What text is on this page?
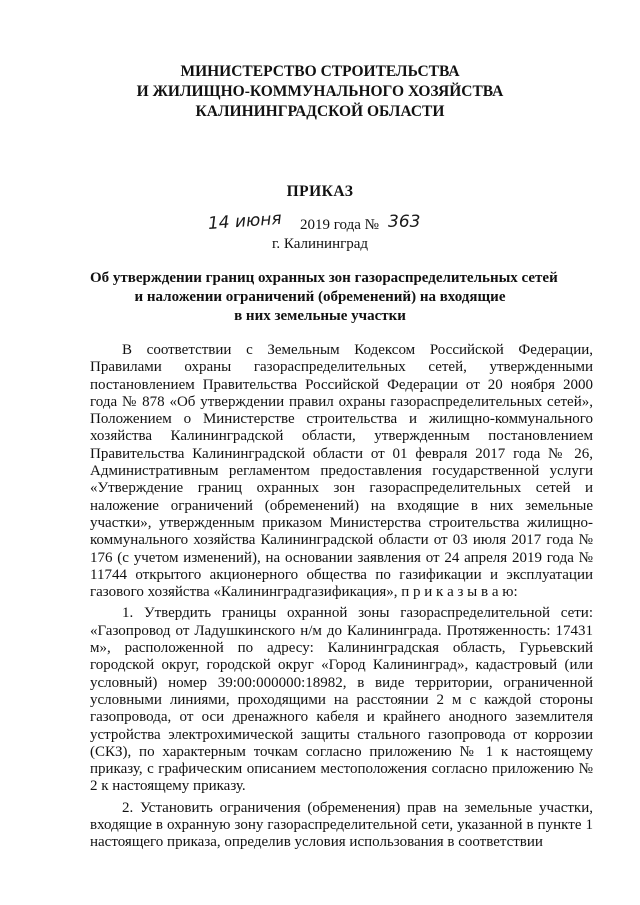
МИНИСТЕРСТВО СТРОИТЕЛЬСТВА
И ЖИЛИЩНО-КОММУНАЛЬНОГО ХОЗЯЙСТВА
КАЛИНИНГРАДСКОЙ ОБЛАСТИ
ПРИКАЗ
14 июня 2019 года № 363
г. Калининград
Об утверждении границ охранных зон газораспределительных сетей
и наложении ограничений (обременений) на входящие
в них земельные участки

В соответствии с Земельным Кодексом Российской Федерации, Правилами охраны газораспределительных сетей, утвержденными постановлением Правительства Российской Федерации от 20 ноября 2000 года № 878 «Об утверждении правил охраны газораспределительных сетей», Положением о Министерстве строительства и жилищно-коммунального хозяйства Калининградской области, утвержденным постановлением Правительства Калининградской области от 01 февраля 2017 года № 26, Административным регламентом предоставления государственной услуги «Утверждение границ охранных зон газораспределительных сетей и наложение ограничений (обременений) на входящие в них земельные участки», утвержденным приказом Министерства строительства жилищно-коммунального хозяйства Калининградской области от 03 июля 2017 года № 176 (с учетом изменений), на основании заявления от 24 апреля 2019 года № 11744 открытого акционерного общества по газификации и эксплуатации газового хозяйства «Калининградгазификация», п р и к а з ы в а ю:

1. Утвердить границы охранной зоны газораспределительной сети: «Газопровод от Ладушкинского н/м до Калининграда. Протяженность: 17431 м», расположенной по адресу: Калининградская область, Гурьевский городской округ, городской округ «Город Калининград», кадастровый (или условный) номер 39:00:000000:18982, в виде территории, ограниченной условными линиями, проходящими на расстоянии 2 м с каждой стороны газопровода, от оси дренажного кабеля и крайнего анодного заземлителя устройства электрохимической защиты стального газопровода от коррозии (СКЗ), по характерным точкам согласно приложению № 1 к настоящему приказу, с графическим описанием местоположения согласно приложению № 2 к настоящему приказу.

2. Установить ограничения (обременения) прав на земельные участки, входящие в охранную зону газораспределительной сети, указанной в пункте 1 настоящего приказа, определив условия использования в соответствии
